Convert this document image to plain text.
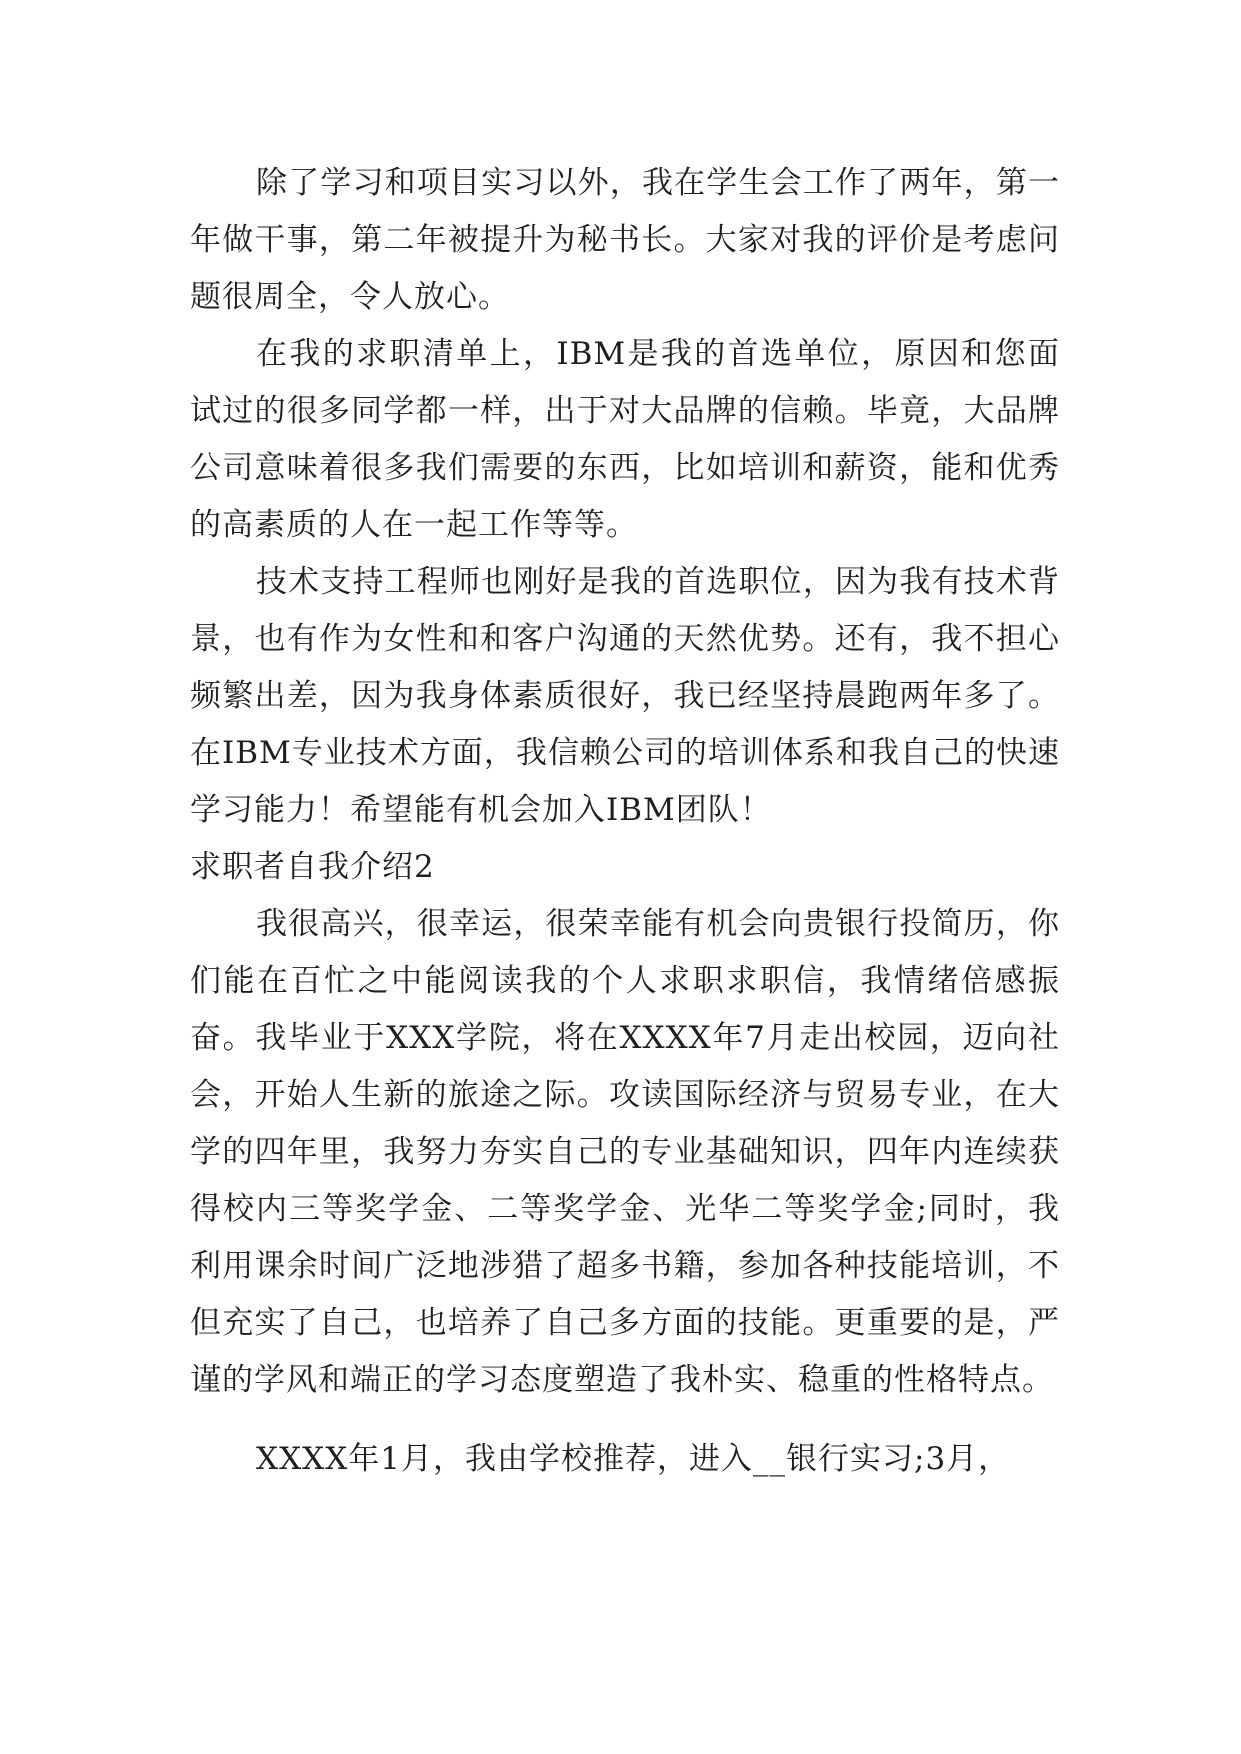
除了学习和项目实习以外，我在学生会工作了两年，第一年做干事，第二年被提升为秘书长。大家对我的评价是考虑问题很周全，令人放心。

在我的求职清单上，IBM是我的首选单位，原因和您面试过的很多同学都一样，出于对大品牌的信赖。毕竟，大品牌公司意味着很多我们需要的东西，比如培训和薪资，能和优秀的高素质的人在一起工作等等。

技术支持工程师也刚好是我的首选职位，因为我有技术背景，也有作为女性和和客户沟通的天然优势。还有，我不担心频繁出差，因为我身体素质很好，我已经坚持晨跑两年多了。在IBM专业技术方面，我信赖公司的培训体系和我自己的快速学习能力！希望能有机会加入IBM团队！

求职者自我介绍2

我很高兴，很幸运，很荣幸能有机会向贵银行投简历，你们能在百忙之中能阅读我的个人求职求职信，我情绪倍感振奋。我毕业于XXX学院，将在XXXX年7月走出校园，迈向社会，开始人生新的旅途之际。攻读国际经济与贸易专业，在大学的四年里，我努力夯实自己的专业基础知识，四年内连续获得校内三等奖学金、二等奖学金、光华二等奖学金;同时，我利用课余时间广泛地涉猎了超多书籍，参加各种技能培训，不但充实了自己，也培养了自己多方面的技能。更重要的是，严谨的学风和端正的学习态度塑造了我朴实、稳重的性格特点。

XXXX年1月，我由学校推荐，进入__银行实习;3月，
